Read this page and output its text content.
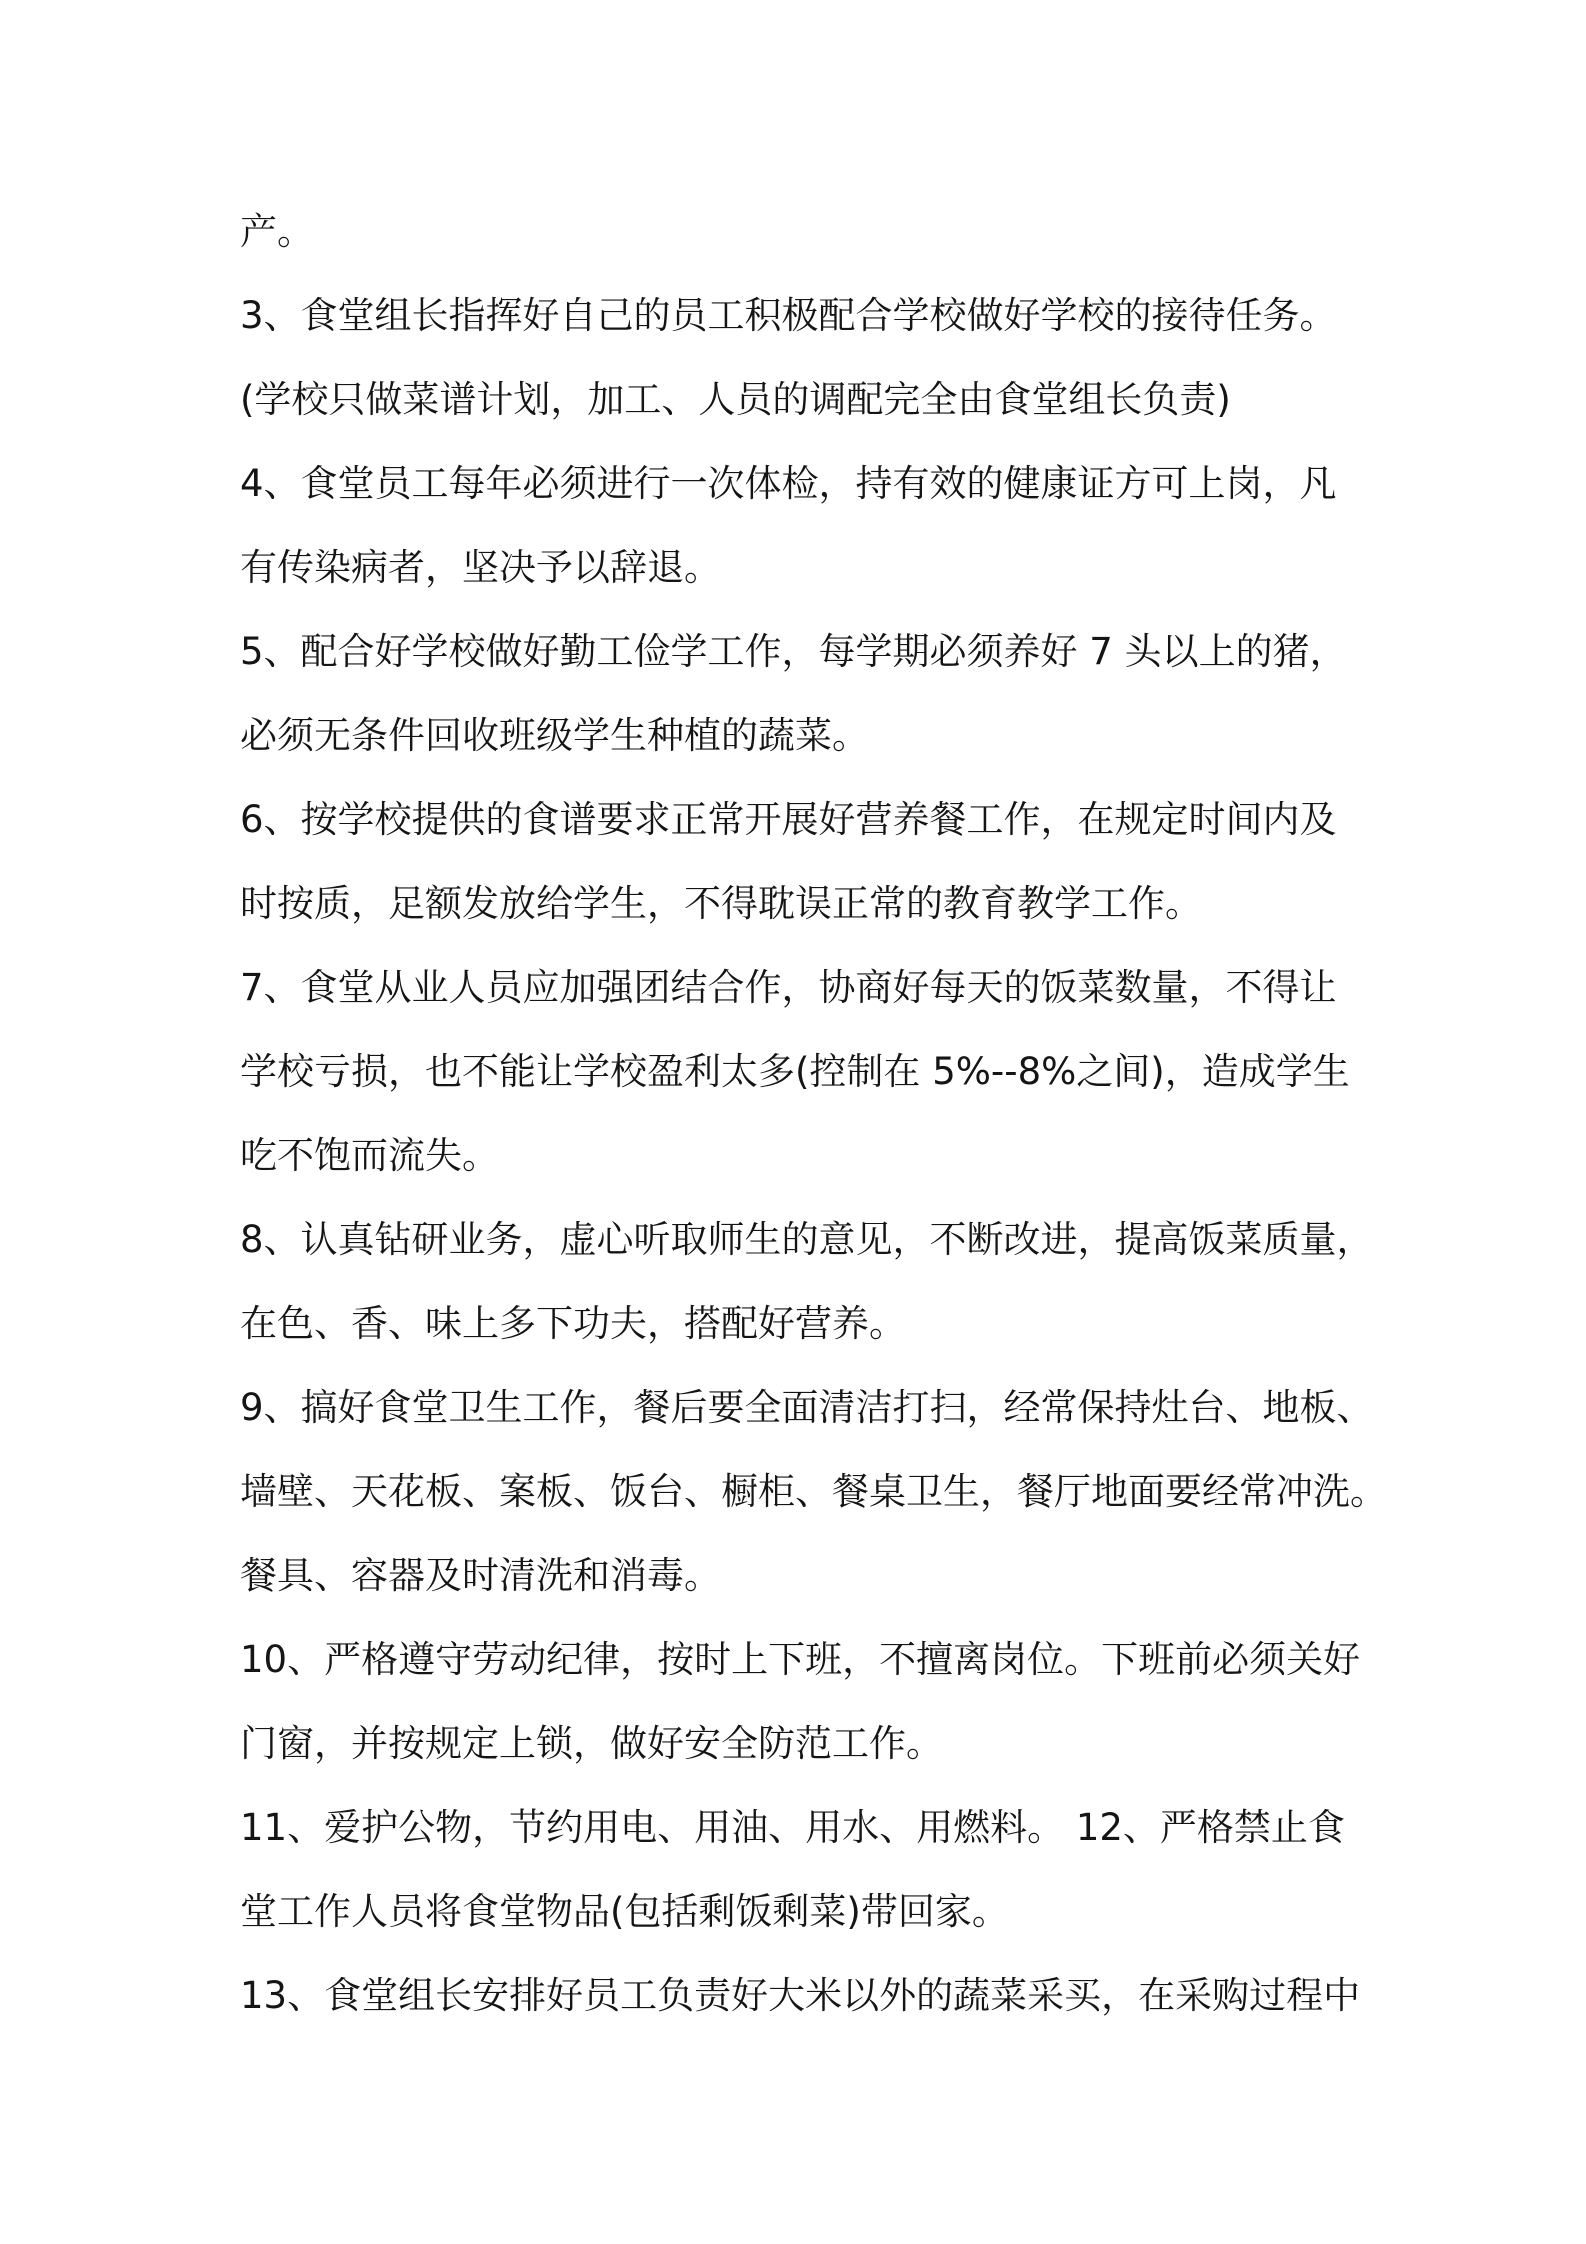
产。
3、食堂组长指挥好自己的员工积极配合学校做好学校的接待任务。
(学校只做菜谱计划，加工、人员的调配完全由食堂组长负责)
4、食堂员工每年必须进行一次体检，持有效的健康证方可上岗，凡
有传染病者，坚决予以辞退。
5、配合好学校做好勤工俭学工作，每学期必须养好 7 头以上的猪，
必须无条件回收班级学生种植的蔬菜。
6、按学校提供的食谱要求正常开展好营养餐工作，在规定时间内及
时按质，足额发放给学生，不得耽误正常的教育教学工作。
7、食堂从业人员应加强团结合作，协商好每天的饭菜数量，不得让
学校亏损，也不能让学校盈利太多(控制在 5%--8%之间)，造成学生
吃不饱而流失。
8、认真钻研业务，虚心听取师生的意见，不断改进，提高饭菜质量，
在色、香、味上多下功夫，搭配好营养。
9、搞好食堂卫生工作，餐后要全面清洁打扫，经常保持灶台、地板、
墙壁、天花板、案板、饭台、橱柜、餐桌卫生，餐厅地面要经常冲洗。
餐具、容器及时清洗和消毒。
10、严格遵守劳动纪律，按时上下班，不擅离岗位。下班前必须关好
门窗，并按规定上锁，做好安全防范工作。
11、爱护公物，节约用电、用油、用水、用燃料。 12、严格禁止食
堂工作人员将食堂物品(包括剩饭剩菜)带回家。
13、食堂组长安排好员工负责好大米以外的蔬菜采买，在采购过程中
